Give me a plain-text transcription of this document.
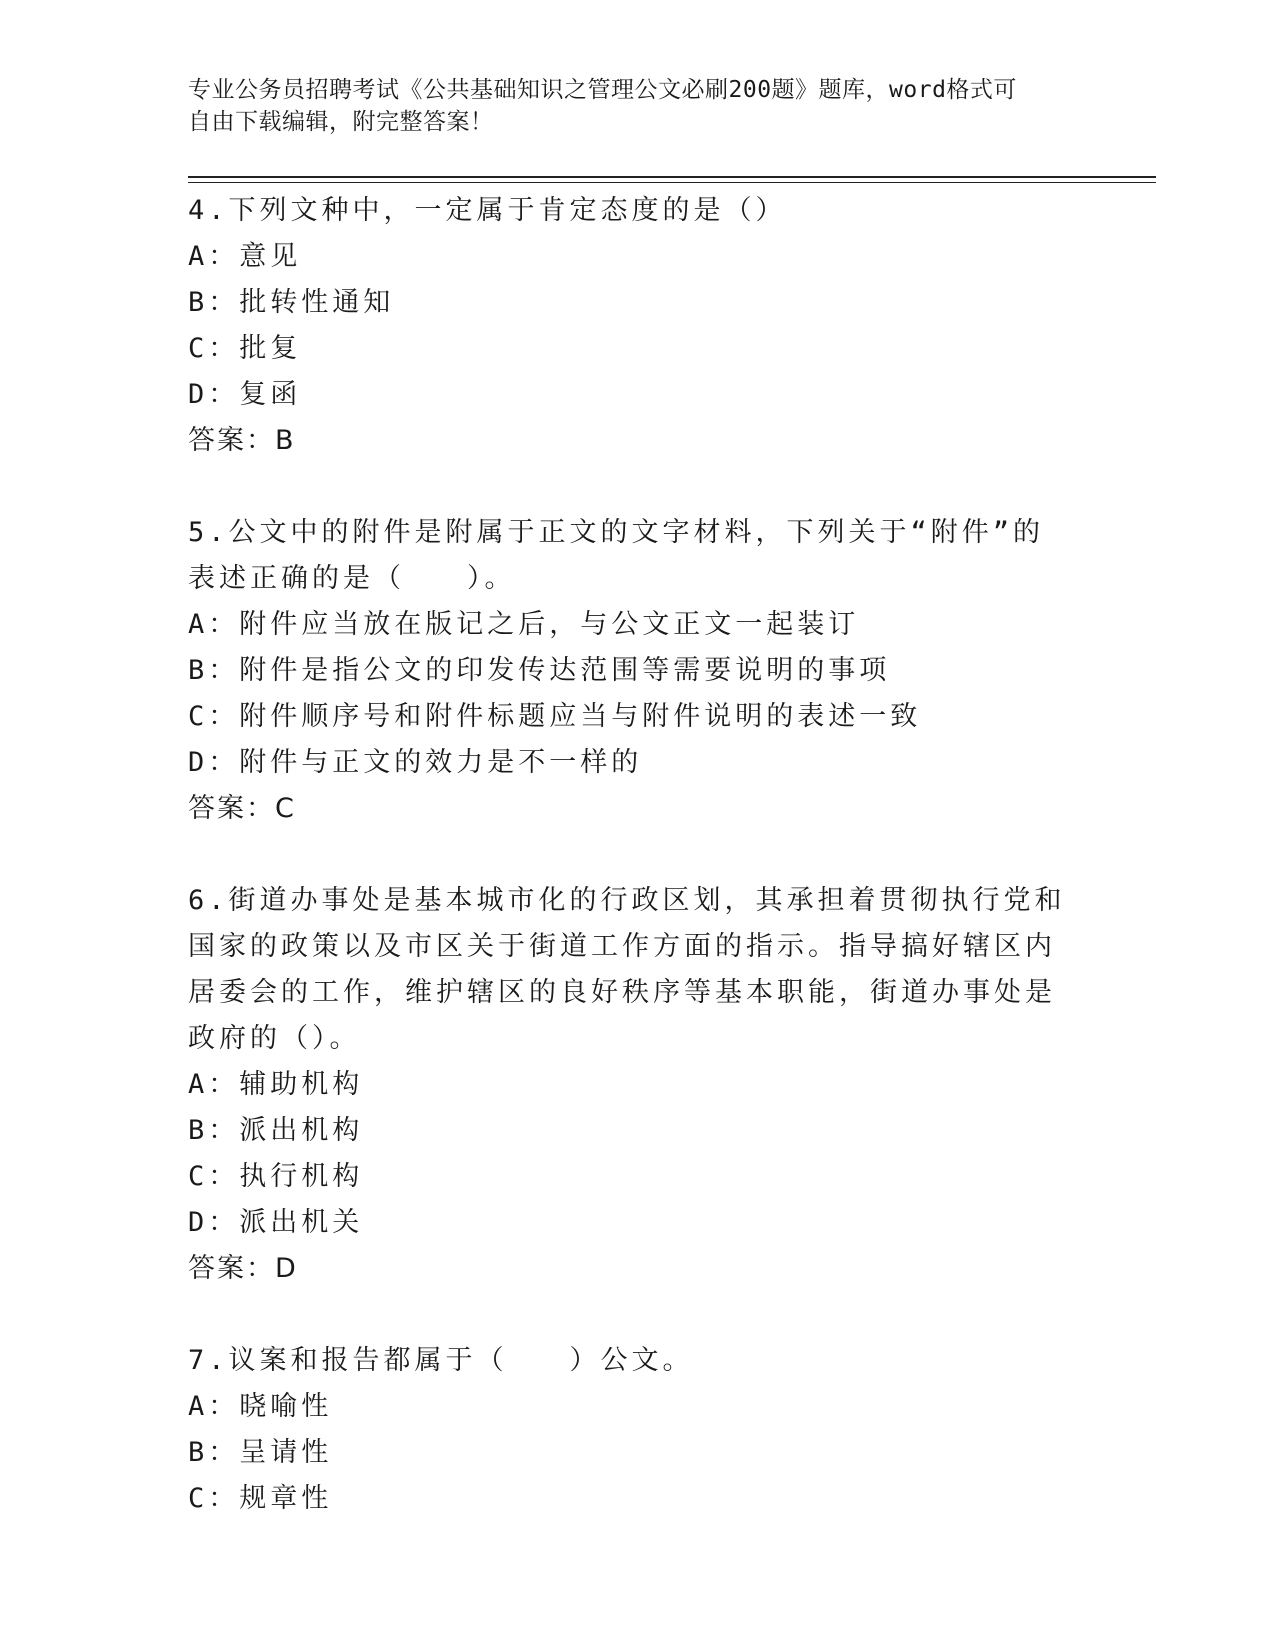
专业公务员招聘考试《公共基础知识之管理公文必刷200题》题库，word格式可
自由下载编辑，附完整答案！

4.下列文种中，一定属于肯定态度的是（）

A：意见

B：批转性通知

C：批复

D：复函

答案：B

5.公文中的附件是附属于正文的文字材料，下列关于“附件”的表述正确的是（　　）。

A：附件应当放在版记之后，与公文正文一起装订

B：附件是指公文的印发传达范围等需要说明的事项

C：附件顺序号和附件标题应当与附件说明的表述一致

D：附件与正文的效力是不一样的

答案：C

6.街道办事处是基本城市化的行政区划，其承担着贯彻执行党和国家的政策以及市区关于街道工作方面的指示。指导搞好辖区内居委会的工作，维护辖区的良好秩序等基本职能，街道办事处是政府的（）。

A：辅助机构

B：派出机构

C：执行机构

D：派出机关

答案：D

7.议案和报告都属于（　　）公文。

A：晓喻性

B：呈请性

C：规章性
